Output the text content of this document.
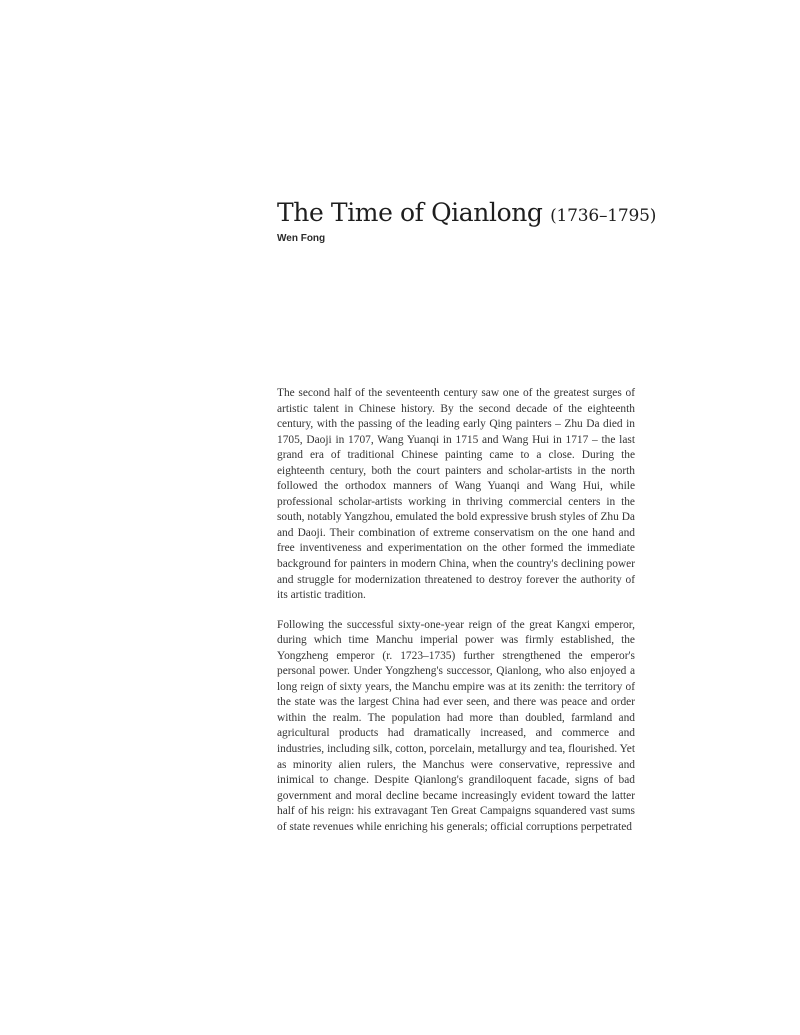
The Time of Qianlong (1736–1795)
Wen Fong

The second half of the seventeenth century saw one of the greatest surges of artistic talent in Chinese history. By the second decade of the eighteenth century, with the passing of the leading early Qing painters – Zhu Da died in 1705, Daoji in 1707, Wang Yuanqi in 1715 and Wang Hui in 1717 – the last grand era of traditional Chinese painting came to a close. During the eighteenth century, both the court painters and scholar-artists in the north followed the orthodox manners of Wang Yuanqi and Wang Hui, while professional scholar-artists working in thriving commercial centers in the south, notably Yangzhou, emulated the bold expressive brush styles of Zhu Da and Daoji. Their combination of extreme conservatism on the one hand and free inventiveness and experimentation on the other formed the immediate background for painters in modern China, when the country's declining power and struggle for modernization threatened to destroy forever the authority of its artistic tradition.

Following the successful sixty-one-year reign of the great Kangxi emperor, during which time Manchu imperial power was firmly established, the Yongzheng emperor (r. 1723–1735) further strengthened the emperor's personal power. Under Yongzheng's successor, Qianlong, who also enjoyed a long reign of sixty years, the Manchu empire was at its zenith: the territory of the state was the largest China had ever seen, and there was peace and order within the realm. The population had more than doubled, farmland and agricultural products had dramatically increased, and commerce and industries, including silk, cotton, porcelain, metallurgy and tea, flourished. Yet as minority alien rulers, the Manchus were conservative, repressive and inimical to change. Despite Qianlong's grandiloquent facade, signs of bad government and moral decline became increasingly evident toward the latter half of his reign: his extravagant Ten Great Campaigns squandered vast sums of state revenues while enriching his generals; official corruptions perpetrated
